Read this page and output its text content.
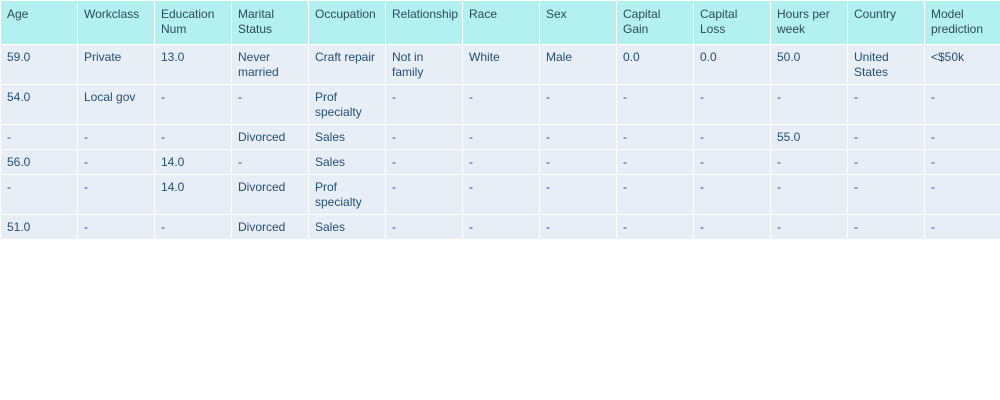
Age	Workclass	Education Num	Marital Status	Occupation	Relationship	Race	Sex	Capital Gain	Capital Loss	Hours per week	Country	Model prediction
59.0	Private	13.0	Never married	Craft repair	Not in family	White	Male	0.0	0.0	50.0	United States	<$50k
54.0	Local gov	-	-	Prof specialty	-	-	-	-	-	-	-	-
-	-	-	Divorced	Sales	-	-	-	-	-	55.0	-	-
56.0	-	14.0	-	Sales	-	-	-	-	-	-	-	-
-	-	14.0	Divorced	Prof specialty	-	-	-	-	-	-	-	-
51.0	-	-	Divorced	Sales	-	-	-	-	-	-	-	-
